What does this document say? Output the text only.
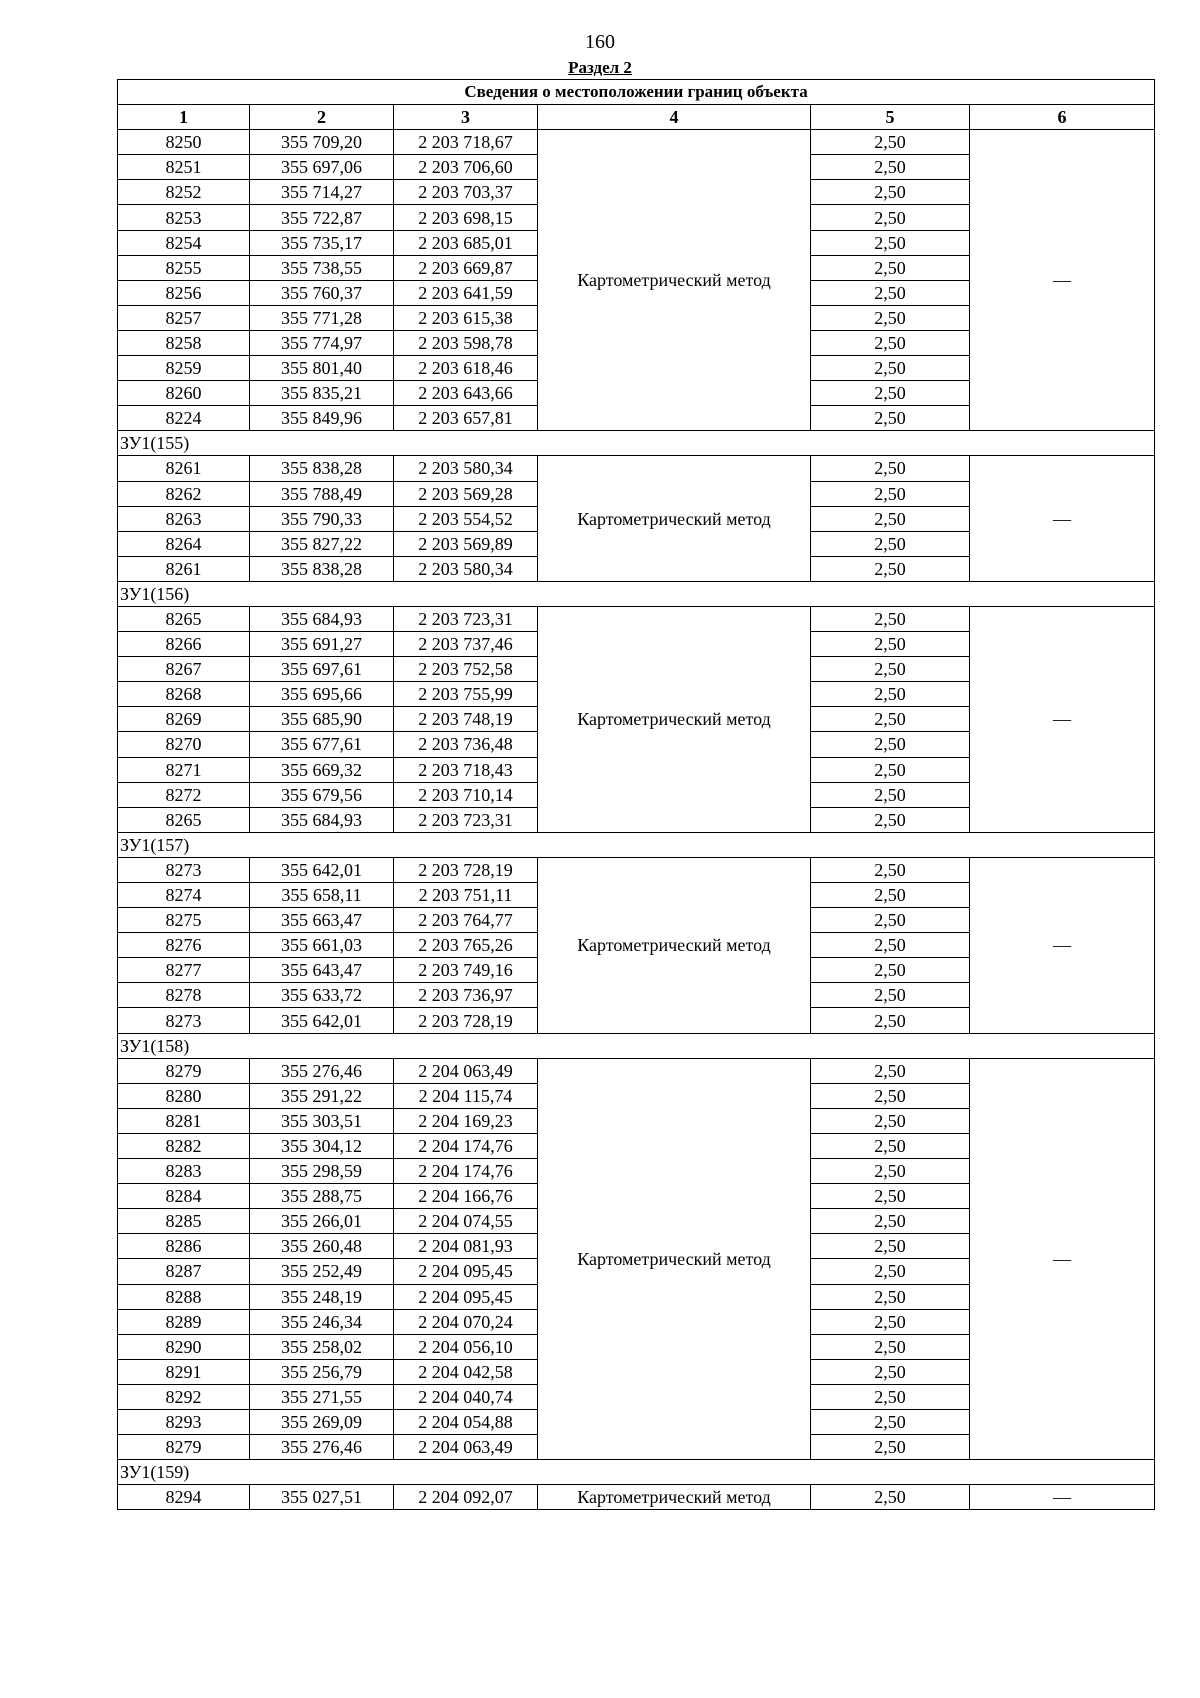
160
Раздел 2
Сведения о местоположении границ объекта					
1	2	3	4	5	6
8250	355 709,20	2 203 718,67	Картометрический метод	2,50	—
8251	355 697,06	2 203 706,60		2,50	
8252	355 714,27	2 203 703,37		2,50	
8253	355 722,87	2 203 698,15		2,50	
8254	355 735,17	2 203 685,01		2,50	
8255	355 738,55	2 203 669,87		2,50	
8256	355 760,37	2 203 641,59		2,50	
8257	355 771,28	2 203 615,38		2,50	
8258	355 774,97	2 203 598,78		2,50	
8259	355 801,40	2 203 618,46		2,50	
8260	355 835,21	2 203 643,66		2,50	
8224	355 849,96	2 203 657,81		2,50	
ЗУ1(155)					
8261	355 838,28	2 203 580,34	Картометрический метод	2,50	—
8262	355 788,49	2 203 569,28		2,50	
8263	355 790,33	2 203 554,52		2,50	
8264	355 827,22	2 203 569,89		2,50	
8261	355 838,28	2 203 580,34		2,50	
ЗУ1(156)					
8265	355 684,93	2 203 723,31	Картометрический метод	2,50	—
8266	355 691,27	2 203 737,46		2,50	
8267	355 697,61	2 203 752,58		2,50	
8268	355 695,66	2 203 755,99		2,50	
8269	355 685,90	2 203 748,19		2,50	
8270	355 677,61	2 203 736,48		2,50	
8271	355 669,32	2 203 718,43		2,50	
8272	355 679,56	2 203 710,14		2,50	
8265	355 684,93	2 203 723,31		2,50	
ЗУ1(157)					
8273	355 642,01	2 203 728,19	Картометрический метод	2,50	—
8274	355 658,11	2 203 751,11		2,50	
8275	355 663,47	2 203 764,77		2,50	
8276	355 661,03	2 203 765,26		2,50	
8277	355 643,47	2 203 749,16		2,50	
8278	355 633,72	2 203 736,97		2,50	
8273	355 642,01	2 203 728,19		2,50	
ЗУ1(158)					
8279	355 276,46	2 204 063,49	Картометрический метод	2,50	—
8280	355 291,22	2 204 115,74		2,50	
8281	355 303,51	2 204 169,23		2,50	
8282	355 304,12	2 204 174,76		2,50	
8283	355 298,59	2 204 174,76		2,50	
8284	355 288,75	2 204 166,76		2,50	
8285	355 266,01	2 204 074,55		2,50	
8286	355 260,48	2 204 081,93		2,50	
8287	355 252,49	2 204 095,45		2,50	
8288	355 248,19	2 204 095,45		2,50	
8289	355 246,34	2 204 070,24		2,50	
8290	355 258,02	2 204 056,10		2,50	
8291	355 256,79	2 204 042,58		2,50	
8292	355 271,55	2 204 040,74		2,50	
8293	355 269,09	2 204 054,88		2,50	
8279	355 276,46	2 204 063,49		2,50	
ЗУ1(159)					
8294	355 027,51	2 204 092,07	Картометрический метод	2,50	—
